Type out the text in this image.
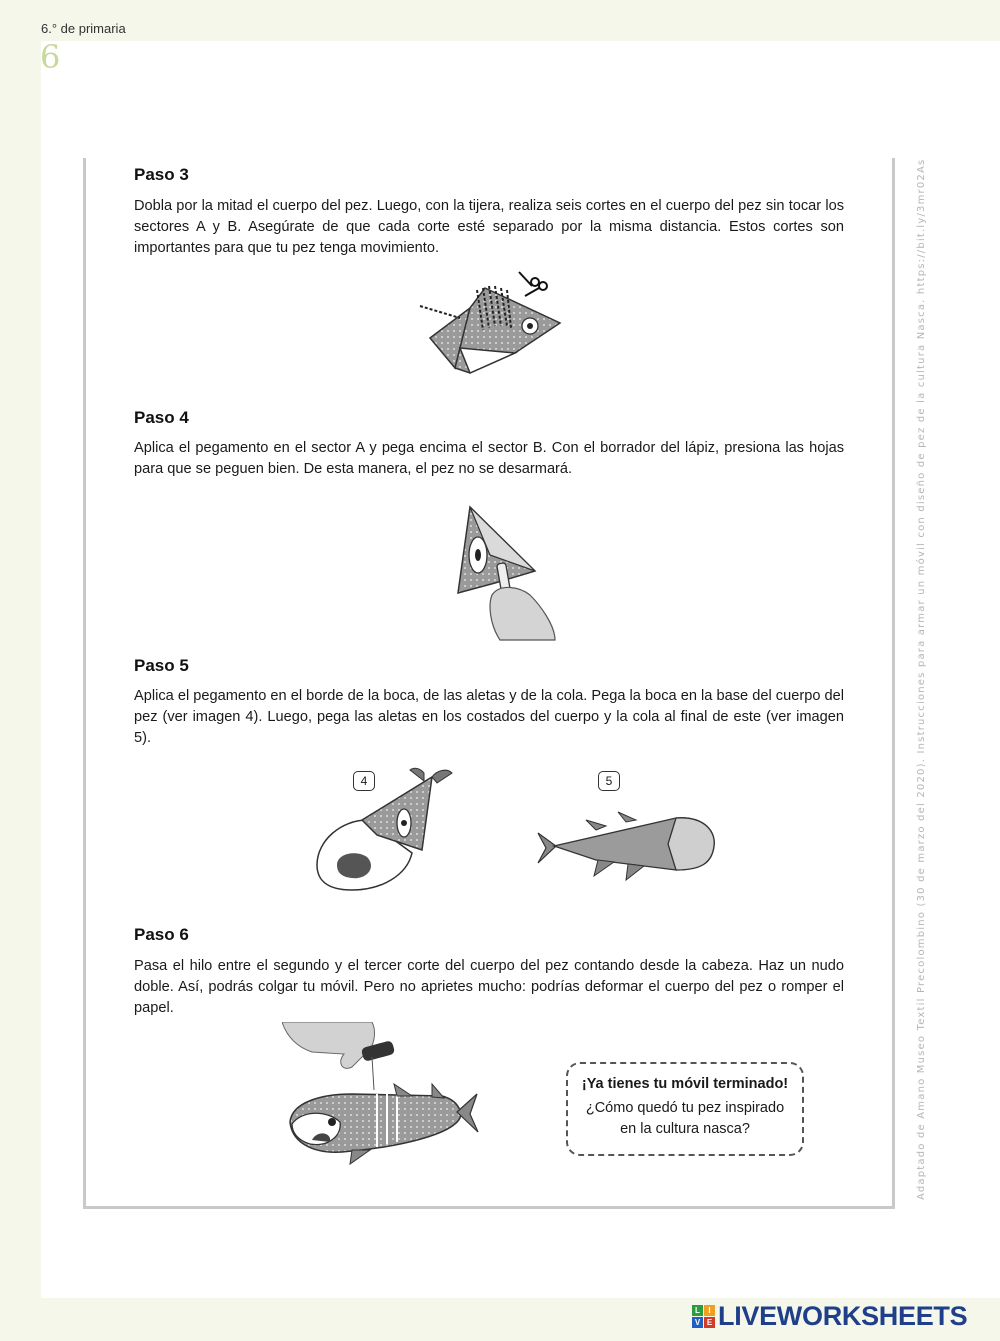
6.° de primaria
6
Paso 3
Dobla por la mitad el cuerpo del pez. Luego, con la tijera, realiza seis cortes en el cuerpo del pez sin tocar los sectores A y B. Asegúrate de que cada corte esté separado por la misma distancia. Estos cortes son importantes para que tu pez tenga movimiento.
Paso 4
Aplica el pegamento en el sector A y pega encima el sector B. Con el borrador del lápiz, presiona las hojas para que se peguen bien. De esta manera, el pez no se desarmará.
Paso 5
Aplica el pegamento en el borde de la boca, de las aletas y de la cola. Pega la boca en la base del cuerpo del pez (ver imagen 4). Luego, pega las aletas en los costados del cuerpo y la cola al final de este (ver imagen 5).
4	5
Paso 6
Pasa el hilo entre el segundo y el tercer corte del cuerpo del pez contando desde la cabeza. Haz un nudo doble. Así, podrás colgar tu móvil. Pero no aprietes mucho: podrías deformar el cuerpo del pez o romper el papel.
¡Ya tienes tu móvil terminado!
¿Cómo quedó tu pez inspirado en la cultura nasca?	Adaptado de Amano Museo Textil Precolombino (30 de marzo del 2020). Instrucciones para armar un móvil con diseño de pez de la cultura Nasca. https://bit.ly/3mr02As
L	I
V E LIVEWORKSHEETS
